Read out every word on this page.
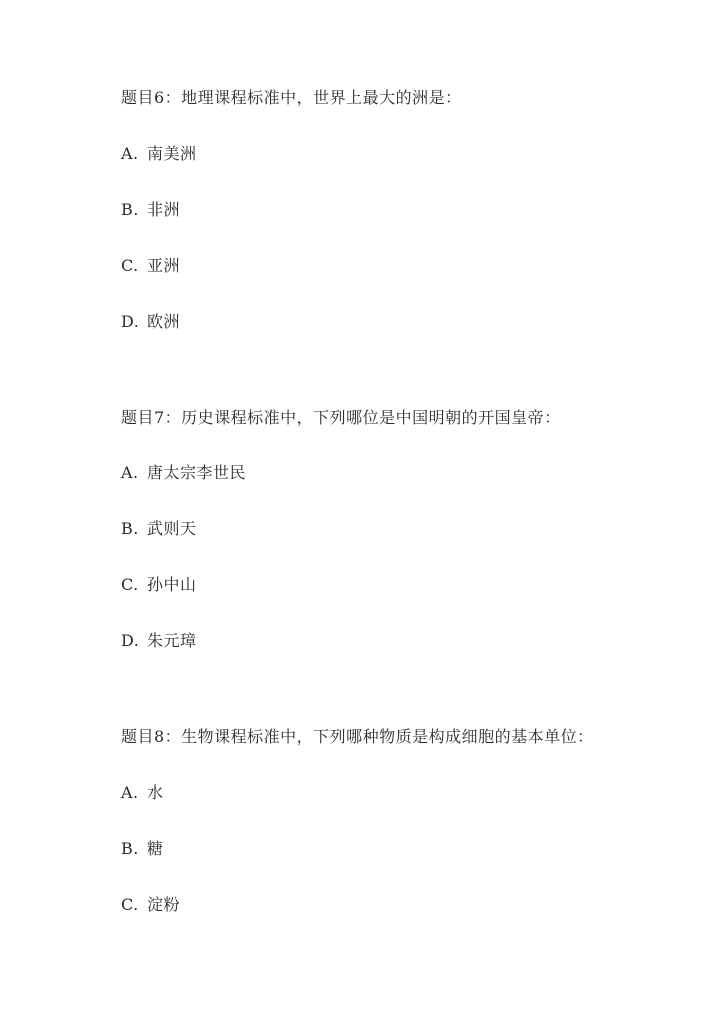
题目6：地理课程标准中，世界上最大的洲是：
A. 南美洲
B. 非洲
C. 亚洲
D. 欧洲
题目7：历史课程标准中，下列哪位是中国明朝的开国皇帝：
A. 唐太宗李世民
B. 武则天
C. 孙中山
D. 朱元璋
题目8：生物课程标准中，下列哪种物质是构成细胞的基本单位：
A. 水
B. 糖
C. 淀粉
